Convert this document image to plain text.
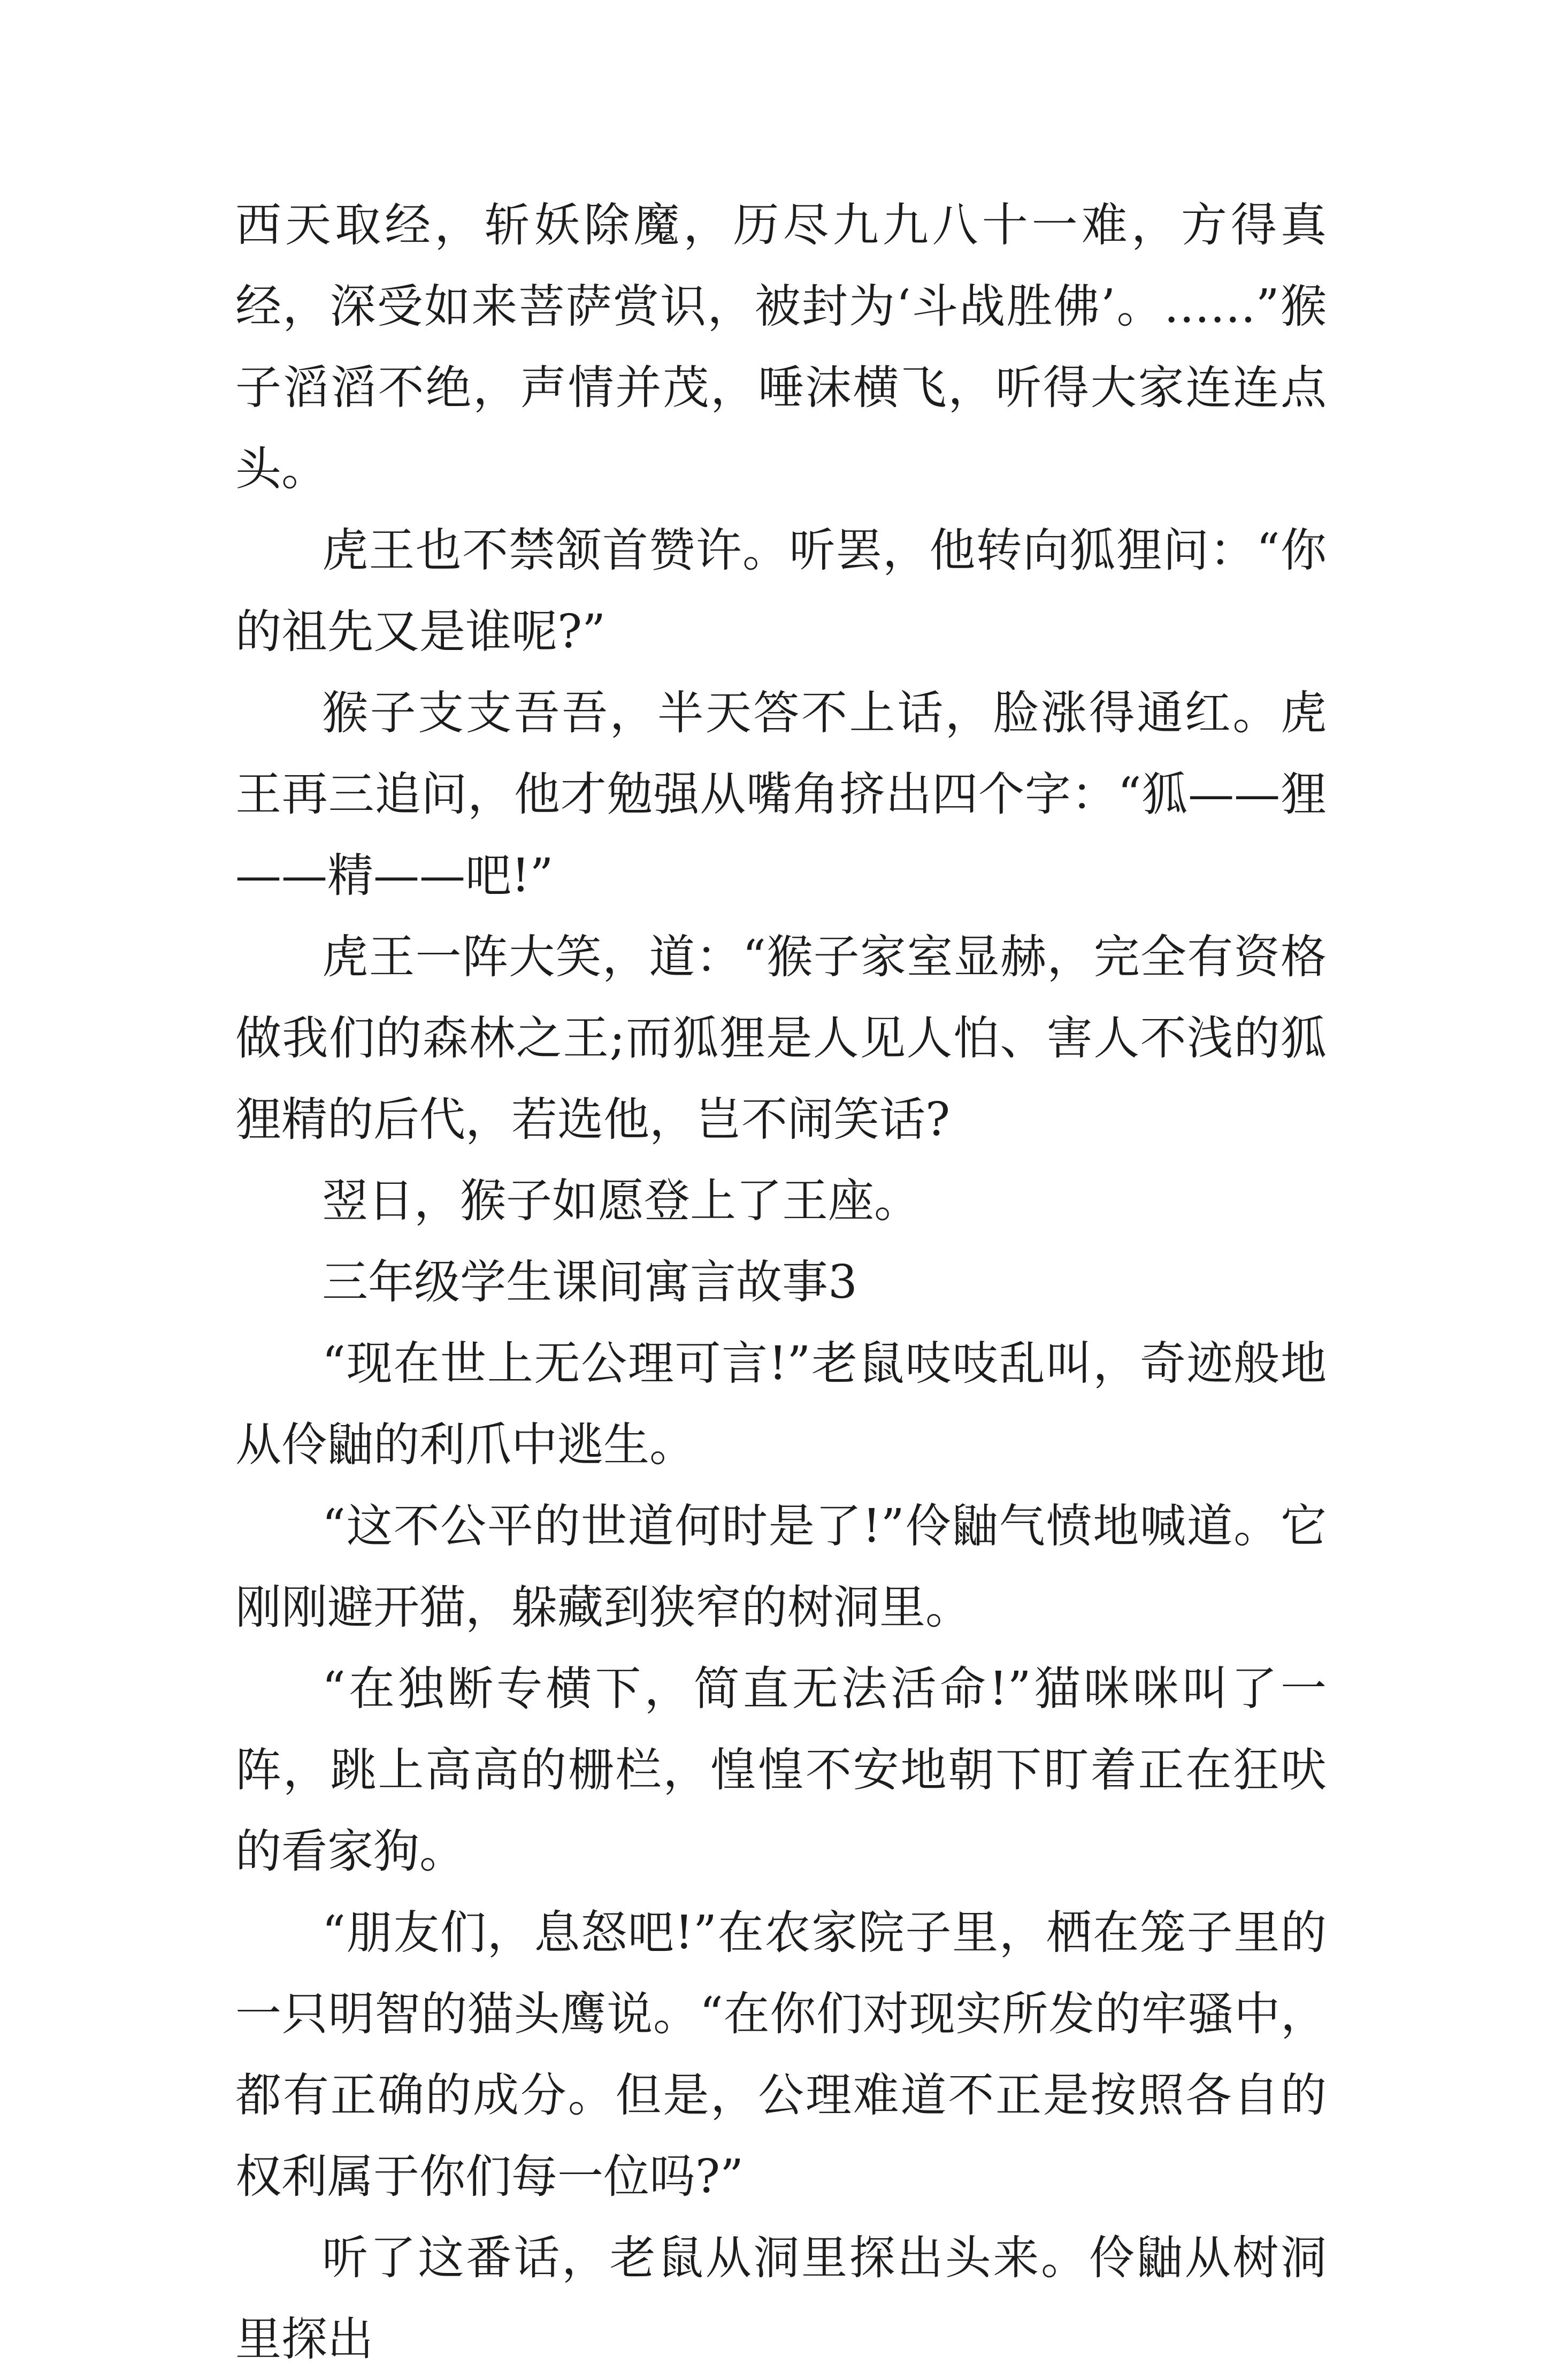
西天取经，斩妖除魔，历尽九九八十一难，方得真经，深受如来菩萨赏识，被封为‘斗战胜佛’。……”猴子滔滔不绝，声情并茂，唾沫横飞，听得大家连连点头。

虎王也不禁颔首赞许。听罢，他转向狐狸问：“你的祖先又是谁呢?”

猴子支支吾吾，半天答不上话，脸涨得通红。虎王再三追问，他才勉强从嘴角挤出四个字：“狐——狸——精——吧!”

虎王一阵大笑，道：“猴子家室显赫，完全有资格做我们的森林之王;而狐狸是人见人怕、害人不浅的狐狸精的后代，若选他，岂不闹笑话?

翌日，猴子如愿登上了王座。

三年级学生课间寓言故事3

“现在世上无公理可言!”老鼠吱吱乱叫，奇迹般地从伶鼬的利爪中逃生。

“这不公平的世道何时是了!”伶鼬气愤地喊道。它刚刚避开猫，躲藏到狭窄的树洞里。

“在独断专横下，简直无法活命!”猫咪咪叫了一阵，跳上高高的栅栏，惶惶不安地朝下盯着正在狂吠的看家狗。

“朋友们，息怒吧!”在农家院子里，栖在笼子里的一只明智的猫头鹰说。“在你们对现实所发的牢骚中，都有正确的成分。但是，公理难道不正是按照各自的权利属于你们每一位吗?”

听了这番话，老鼠从洞里探出头来。伶鼬从树洞里探出
